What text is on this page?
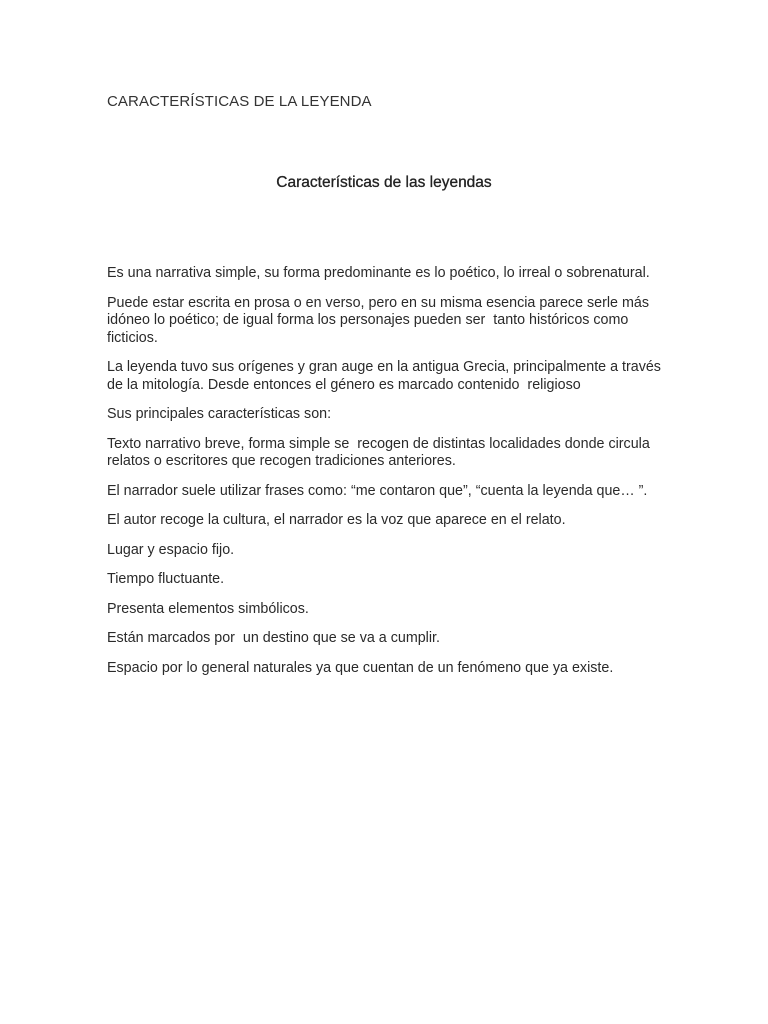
CARACTERÍSTICAS DE LA LEYENDA
Características de las leyendas

Es una narrativa simple, su forma predominante es lo poético, lo irreal o sobrenatural.

Puede estar escrita en prosa o en verso, pero en su misma esencia parece serle más idóneo lo poético; de igual forma los personajes pueden ser  tanto históricos como ficticios.

La leyenda tuvo sus orígenes y gran auge en la antigua Grecia, principalmente a través de la mitología. Desde entonces el género es marcado contenido  religioso

Sus principales características son:

Texto narrativo breve, forma simple se  recogen de distintas localidades donde circula relatos o escritores que recogen tradiciones anteriores.

El narrador suele utilizar frases como: “me contaron que”, “cuenta la leyenda que… ”.

El autor recoge la cultura, el narrador es la voz que aparece en el relato.

Lugar y espacio fijo.

Tiempo fluctuante.

Presenta elementos simbólicos.

Están marcados por  un destino que se va a cumplir.

Espacio por lo general naturales ya que cuentan de un fenómeno que ya existe.
